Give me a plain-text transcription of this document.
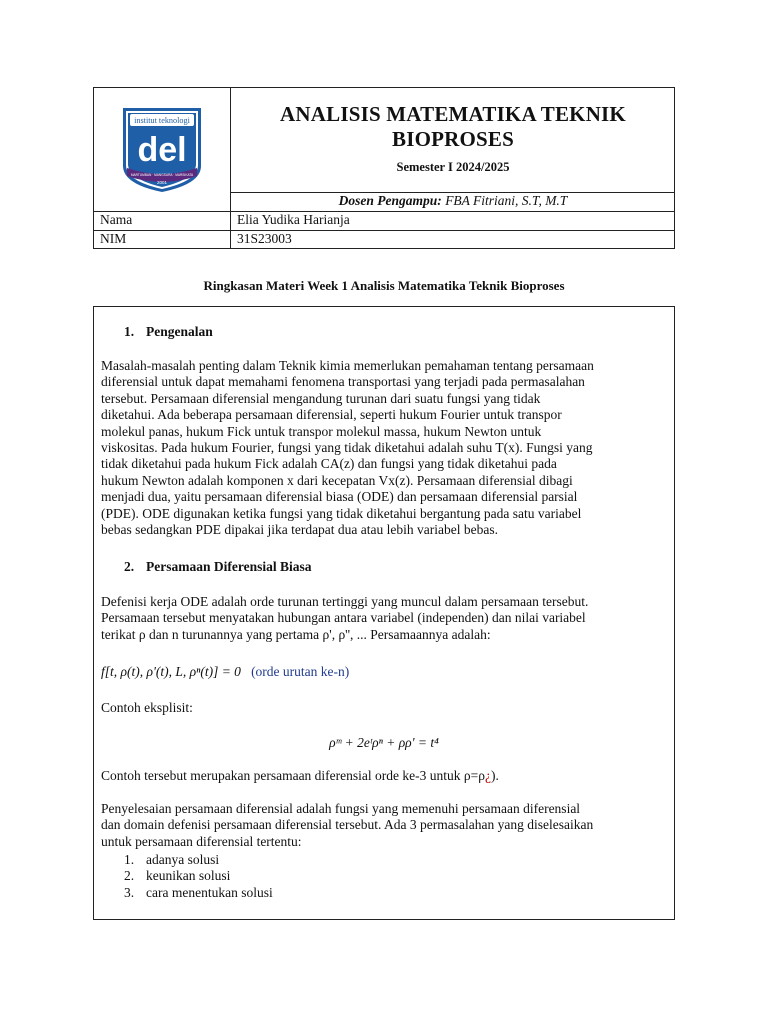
institut teknologi
del
MARTUMBAN · MANGSURA · MARSIKATA
2001
ANALISIS MATEMATIKA TEKNIK
BIOPROSES
Semester I 2024/2025
Dosen Pengampu: FBA Fitriani, S.T, M.T
Nama	Elia Yudika Harianja
NIM	31S23003
Ringkasan Materi Week 1 Analisis Matematika Teknik Bioproses
1. Pengenalan
Masalah-masalah penting dalam Teknik kimia memerlukan pemahaman tentang persamaan
diferensial untuk dapat memahami fenomena transportasi yang terjadi pada permasalahan
tersebut. Persamaan diferensial mengandung turunan dari suatu fungsi yang tidak
diketahui. Ada beberapa persamaan diferensial, seperti hukum Fourier untuk transpor
molekul panas, hukum Fick untuk transpor molekul massa, hukum Newton untuk
viskositas. Pada hukum Fourier, fungsi yang tidak diketahui adalah suhu T(x). Fungsi yang
tidak diketahui pada hukum Fick adalah CA(z) dan fungsi yang tidak diketahui pada
hukum Newton adalah komponen x dari kecepatan Vx(z). Persamaan diferensial dibagi
menjadi dua, yaitu persamaan diferensial biasa (ODE) dan persamaan diferensial parsial
(PDE). ODE digunakan ketika fungsi yang tidak diketahui bergantung pada satu variabel
bebas sedangkan PDE dipakai jika terdapat dua atau lebih variabel bebas.
2. Persamaan Diferensial Biasa
Defenisi kerja ODE adalah orde turunan tertinggi yang muncul dalam persamaan tersebut.
Persamaan tersebut menyatakan hubungan antara variabel (independen) dan nilai variabel
terikat ρ dan n turunannya yang pertama ρ', ρ'', ... Persamaannya adalah:
f[t, ρ(t), ρ'(t), L, ρⁿ(t)] = 0 (orde urutan ke-n)
Contoh eksplisit:
ρᵐ + 2eᵗρⁿ + ρρ' = t⁴
Contoh tersebut merupakan persamaan diferensial orde ke-3 untuk ρ=ρ¿).
Penyelesaian persamaan diferensial adalah fungsi yang memenuhi persamaan diferensial
dan domain defenisi persamaan diferensial tersebut. Ada 3 permasalahan yang diselesaikan
untuk persamaan diferensial tertentu:
1. adanya solusi
2. keunikan solusi
3. cara menentukan solusi
